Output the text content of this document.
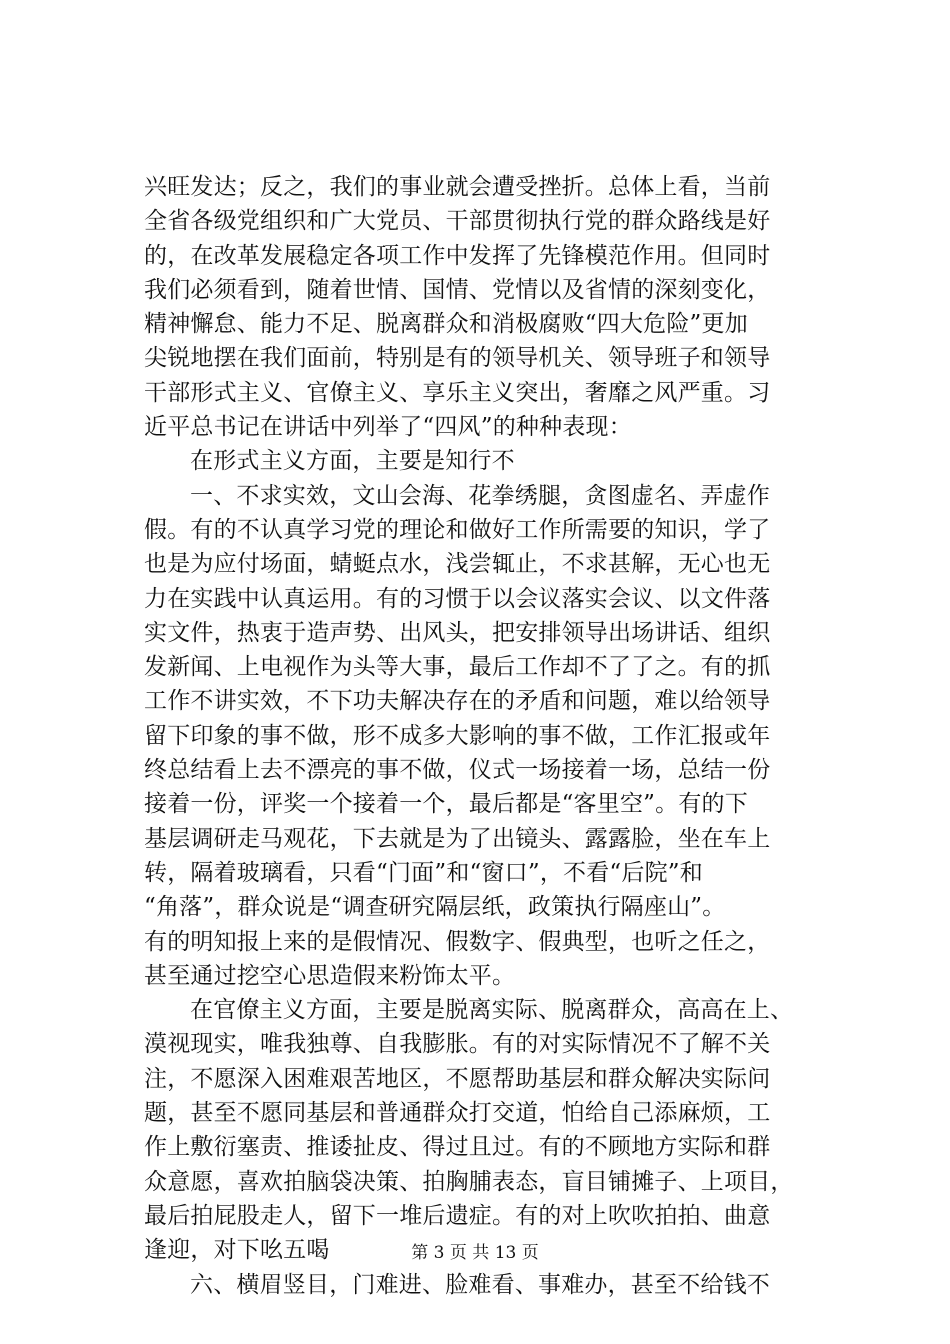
兴旺发达；反之，我们的事业就会遭受挫折。总体上看，当前
全省各级党组织和广大党员、干部贯彻执行党的群众路线是好
的，在改革发展稳定各项工作中发挥了先锋模范作用。但同时
我们必须看到，随着世情、国情、党情以及省情的深刻变化，
精神懈怠、能力不足、脱离群众和消极腐败“四大危险”更加
尖锐地摆在我们面前，特别是有的领导机关、领导班子和领导
干部形式主义、官僚主义、享乐主义突出，奢靡之风严重。习
近平总书记在讲话中列举了“四风”的种种表现：
在形式主义方面，主要是知行不
一、不求实效，文山会海、花拳绣腿，贪图虚名、弄虚作
假。有的不认真学习党的理论和做好工作所需要的知识，学了
也是为应付场面，蜻蜓点水，浅尝辄止，不求甚解，无心也无
力在实践中认真运用。有的习惯于以会议落实会议、以文件落
实文件，热衷于造声势、出风头，把安排领导出场讲话、组织
发新闻、上电视作为头等大事，最后工作却不了了之。有的抓
工作不讲实效，不下功夫解决存在的矛盾和问题，难以给领导
留下印象的事不做，形不成多大影响的事不做，工作汇报或年
终总结看上去不漂亮的事不做，仪式一场接着一场，总结一份
接着一份，评奖一个接着一个，最后都是“客里空”。有的下
基层调研走马观花，下去就是为了出镜头、露露脸，坐在车上
转，隔着玻璃看，只看“门面”和“窗口”，不看“后院”和
“角落”，群众说是“调查研究隔层纸，政策执行隔座山”。
有的明知报上来的是假情况、假数字、假典型，也听之任之，
甚至通过挖空心思造假来粉饰太平。
在官僚主义方面，主要是脱离实际、脱离群众，高高在上、
漠视现实，唯我独尊、自我膨胀。有的对实际情况不了解不关
注，不愿深入困难艰苦地区，不愿帮助基层和群众解决实际问
题，甚至不愿同基层和普通群众打交道，怕给自己添麻烦，工
作上敷衍塞责、推诿扯皮、得过且过。有的不顾地方实际和群
众意愿，喜欢拍脑袋决策、拍胸脯表态，盲目铺摊子、上项目，
最后拍屁股走人，留下一堆后遗症。有的对上吹吹拍拍、曲意
逢迎，对下吆五喝
六、横眉竖目，门难进、脸难看、事难办，甚至不给钱不
第 3 页 共 13 页
